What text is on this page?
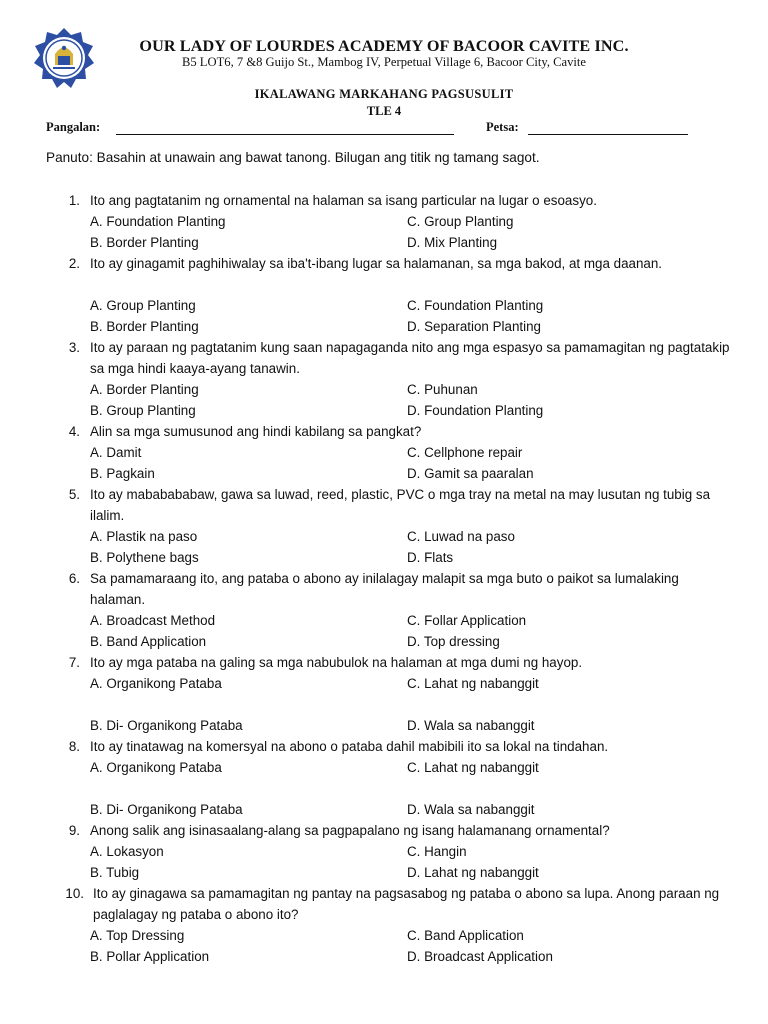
OUR LADY OF LOURDES ACADEMY OF BACOOR CAVITE INC.
B5 LOT6, 7 &8 Guijo St., Mambog IV, Perpetual Village 6, Bacoor City, Cavite
IKALAWANG MARKAHANG PAGSUSULIT
TLE 4
Pangalan:	Petsa:
Panuto: Basahin at unawain ang bawat tanong. Bilugan ang titik ng tamang sagot.
1. Ito ang pagtatanim ng ornamental na halaman sa isang particular na lugar o esoasyo.
A. Foundation Planting	C. Group Planting
B. Border Planting	D. Mix Planting
2. Ito ay ginagamit paghihiwalay sa iba't-ibang lugar sa halamanan, sa mga bakod, at mga daanan.
A. Group Planting	C. Foundation Planting
B. Border Planting	D. Separation Planting
3. Ito ay paraan ng pagtatanim kung saan napagaganda nito ang mga espasyo sa pamamagitan ng pagtatakip sa mga hindi kaaya-ayang tanawin.
A. Border Planting	C. Puhunan
B. Group Planting	D. Foundation Planting
4. Alin sa mga sumusunod ang hindi kabilang sa pangkat?
A. Damit	C. Cellphone repair
B. Pagkain	D. Gamit sa paaralan
5. Ito ay mababababaw, gawa sa luwad, reed, plastic, PVC o mga tray na metal na may lusutan ng tubig sa ilalim.
A. Plastik na paso	C. Luwad na paso
B. Polythene bags	D. Flats
6. Sa pamamaraang ito, ang pataba o abono ay inilalagay malapit sa mga buto o paikot sa lumalaking halaman.
A. Broadcast Method	C. Follar Application
B. Band Application	D. Top dressing
7. Ito ay mga pataba na galing sa mga nabubulok na halaman at mga dumi ng hayop.
A. Organikong Pataba	C. Lahat ng nabanggit
B. Di- Organikong Pataba	D. Wala sa nabanggit
8. Ito ay tinatawag na komersyal na abono o pataba dahil mabibili ito sa lokal na tindahan.
A. Organikong Pataba	C. Lahat ng nabanggit
B. Di- Organikong Pataba	D. Wala sa nabanggit
9. Anong salik ang isinasaalang-alang sa pagpapalano ng isang halamanang ornamental?
A. Lokasyon	C. Hangin
B. Tubig	D. Lahat ng nabanggit
10. Ito ay ginagawa sa pamamagitan ng pantay na pagsasabog ng pataba o abono sa lupa. Anong paraan ng paglalagay ng pataba o abono ito?
A. Top Dressing	C. Band Application
B. Pollar Application	D. Broadcast Application
